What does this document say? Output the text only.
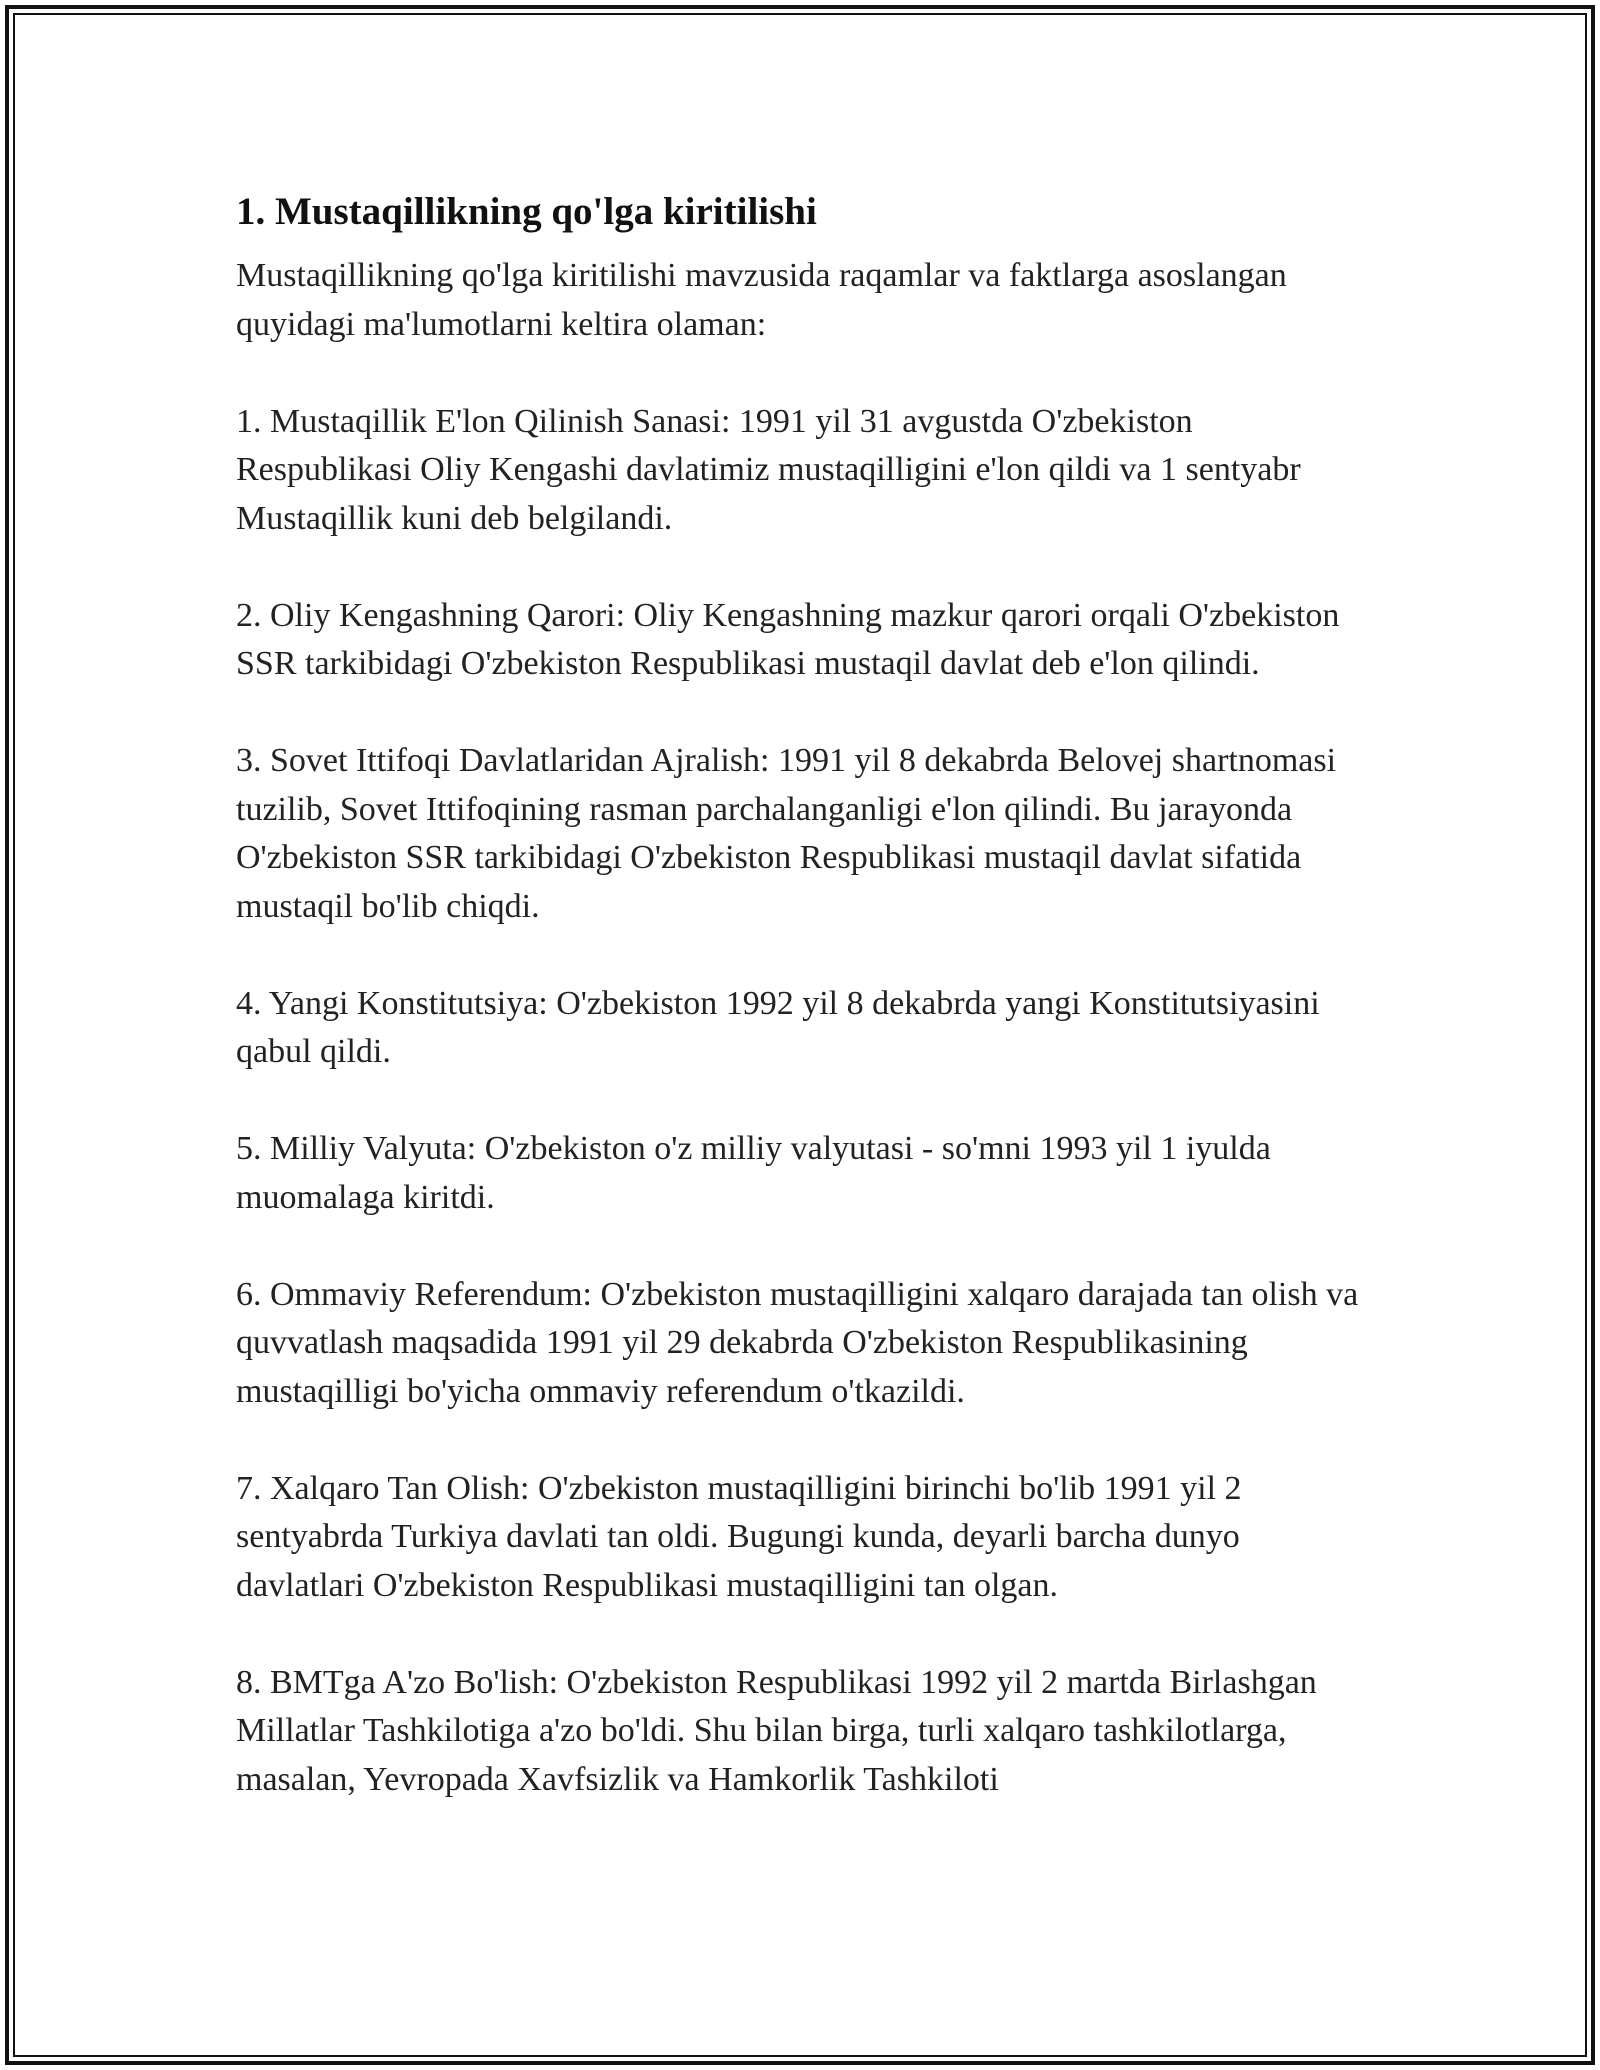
1. Mustaqillikning qo'lga kiritilishi

Mustaqillikning qo'lga kiritilishi mavzusida raqamlar va faktlarga asoslangan quyidagi ma'lumotlarni keltira olaman:

1. Mustaqillik E'lon Qilinish Sanasi: 1991 yil 31 avgustda O'zbekiston Respublikasi Oliy Kengashi davlatimiz mustaqilligini e'lon qildi va 1 sentyabr Mustaqillik kuni deb belgilandi.

2. Oliy Kengashning Qarori: Oliy Kengashning mazkur qarori orqali O'zbekiston SSR tarkibidagi O'zbekiston Respublikasi mustaqil davlat deb e'lon qilindi.

3. Sovet Ittifoqi Davlatlaridan Ajralish: 1991 yil 8 dekabrda Belovej shartnomasi tuzilib, Sovet Ittifoqining rasman parchalanganligi e'lon qilindi. Bu jarayonda O'zbekiston SSR tarkibidagi O'zbekiston Respublikasi mustaqil davlat sifatida mustaqil bo'lib chiqdi.

4. Yangi Konstitutsiya: O'zbekiston 1992 yil 8 dekabrda yangi Konstitutsiyasini qabul qildi.

5. Milliy Valyuta: O'zbekiston o'z milliy valyutasi - so'mni 1993 yil 1 iyulda muomalaga kiritdi.

6. Ommaviy Referendum: O'zbekiston mustaqilligini xalqaro darajada tan olish va quvvatlash maqsadida 1991 yil 29 dekabrda O'zbekiston Respublikasining mustaqilligi bo'yicha ommaviy referendum o'tkazildi.

7. Xalqaro Tan Olish: O'zbekiston mustaqilligini birinchi bo'lib 1991 yil 2 sentyabrda Turkiya davlati tan oldi. Bugungi kunda, deyarli barcha dunyo davlatlari O'zbekiston Respublikasi mustaqilligini tan olgan.

8. BMTga A'zo Bo'lish: O'zbekiston Respublikasi 1992 yil 2 martda Birlashgan Millatlar Tashkilotiga a'zo bo'ldi. Shu bilan birga, turli xalqaro tashkilotlarga, masalan, Yevropada Xavfsizlik va Hamkorlik Tashkiloti
